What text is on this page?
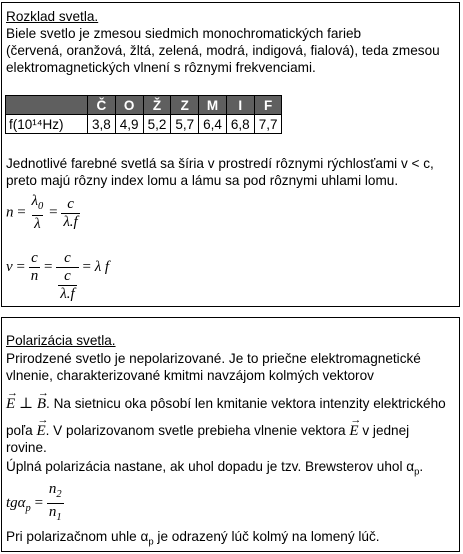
Rozklad svetla.
Biele svetlo je zmesou siedmich monochromatických farieb
(červená, oranžová, žltá, zelená, modrá, indigová, fialová), teda zmesou
elektromagnetických vlnení s rôznymi frekvenciami.
	Č	O	Ž	Z	M	I	F
f(10¹⁴Hz)	3,8	4,9	5,2	5,7	6,4	6,8	7,7
Jednotlivé farebné svetlá sa šíria v prostredí rôznymi rýchlosťami v < c,
preto majú rôzny index lomu a lámu sa pod rôznymi uhlami lomu.
$n = \frac{\lambda_0}{\lambda} = \frac{c}{\lambda.f}$
$v = \frac{c}{n} = \frac{c}{\frac{c}{\lambda.f}} = \lambda$ f
Polarizácia svetla.
Prirodzené svetlo je nepolarizované. Je to priečne elektromagnetické
vlnenie, charakterizované kmitmi navzájom kolmých vektorov
→ E ⊥ → B. Na sietnicu oka pôsobí len kmitanie vektora intenzity elektrického
poľa → E. V polarizovanom svetle prebieha vlnenie vektora → E v jednej
rovine.
Úplná polarizácia nastane, ak uhol dopadu je tzv. Brewsterov uhol $\alpha_p$.
$tg\alpha_p = \frac{n_2}{n_1}$
Pri polarizačnom uhle $\alpha_p$ je odrazený lúč kolmý na lomený lúč.
